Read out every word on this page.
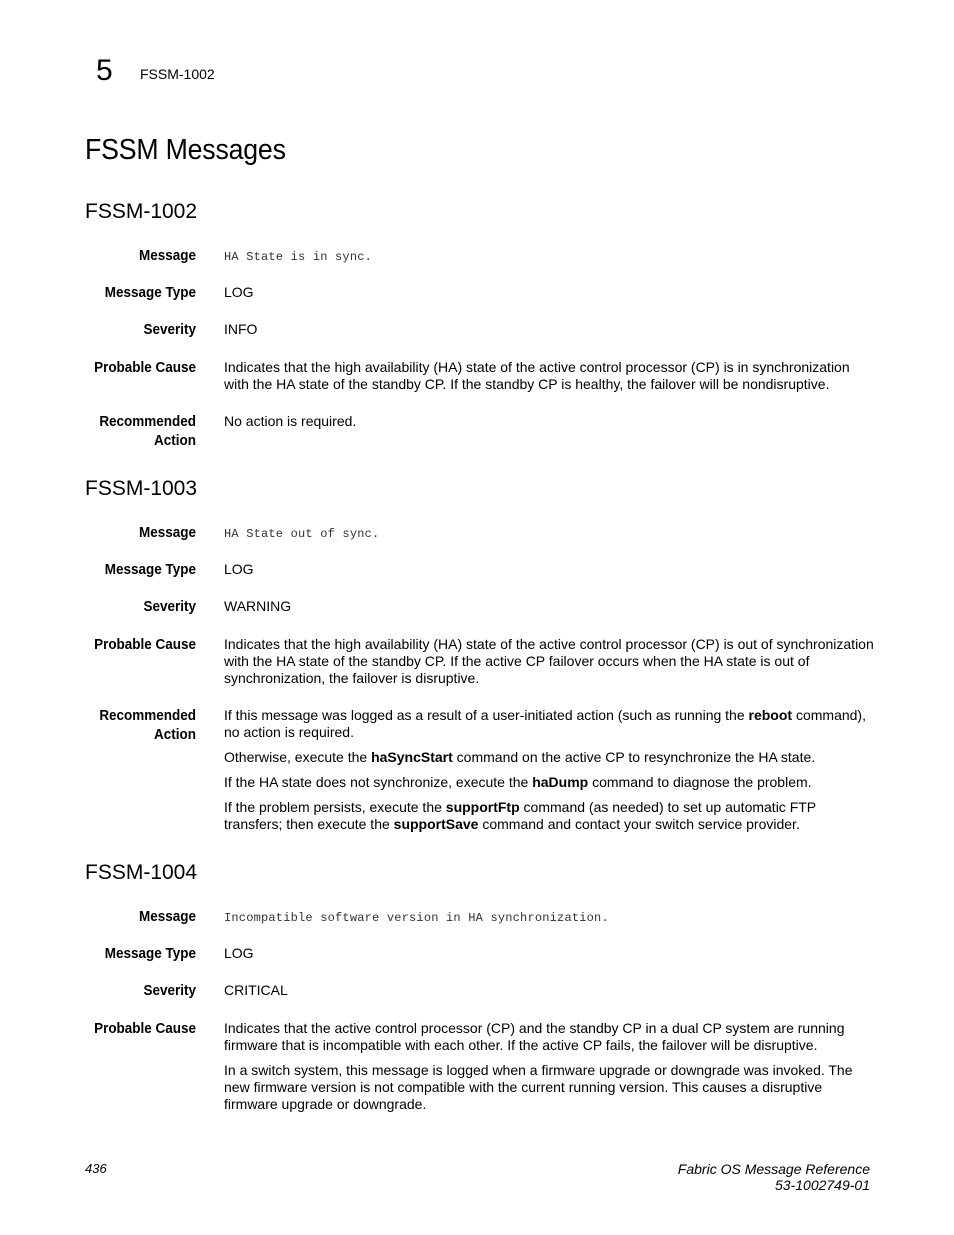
5 FSSM-1002
FSSM Messages
FSSM-1002
Message HA State is in sync.
Message Type LOG
Severity INFO
Probable Cause Indicates that the high availability (HA) state of the active control processor (CP) is in synchronization with the HA state of the standby CP. If the standby CP is healthy, the failover will be nondisruptive.
Recommended
Action
No action is required.
FSSM-1003
Message HA State out of sync.
Message Type LOG
Severity WARNING
Probable Cause Indicates that the high availability (HA) state of the active control processor (CP) is out of synchronization with the HA state of the standby CP. If the active CP failover occurs when the HA state is out of synchronization, the failover is disruptive.
Recommended
Action

If this message was logged as a result of a user-initiated action (such as running the reboot command), no action is required.

Otherwise, execute the haSyncStart command on the active CP to resynchronize the HA state.

If the HA state does not synchronize, execute the haDump command to diagnose the problem.

If the problem persists, execute the supportFtp command (as needed) to set up automatic FTP transfers; then execute the supportSave command and contact your switch service provider.

FSSM-1004
Message Incompatible software version in HA synchronization.
Message Type LOG
Severity CRITICAL
Probable Cause Indicates that the active control processor (CP) and the standby CP in a dual CP system are running firmware that is incompatible with each other. If the active CP fails, the failover will be disruptive.

In a switch system, this message is logged when a firmware upgrade or downgrade was invoked. The new firmware version is not compatible with the current running version. This causes a disruptive firmware upgrade or downgrade.

436	Fabric OS Message Reference
53-1002749-01
